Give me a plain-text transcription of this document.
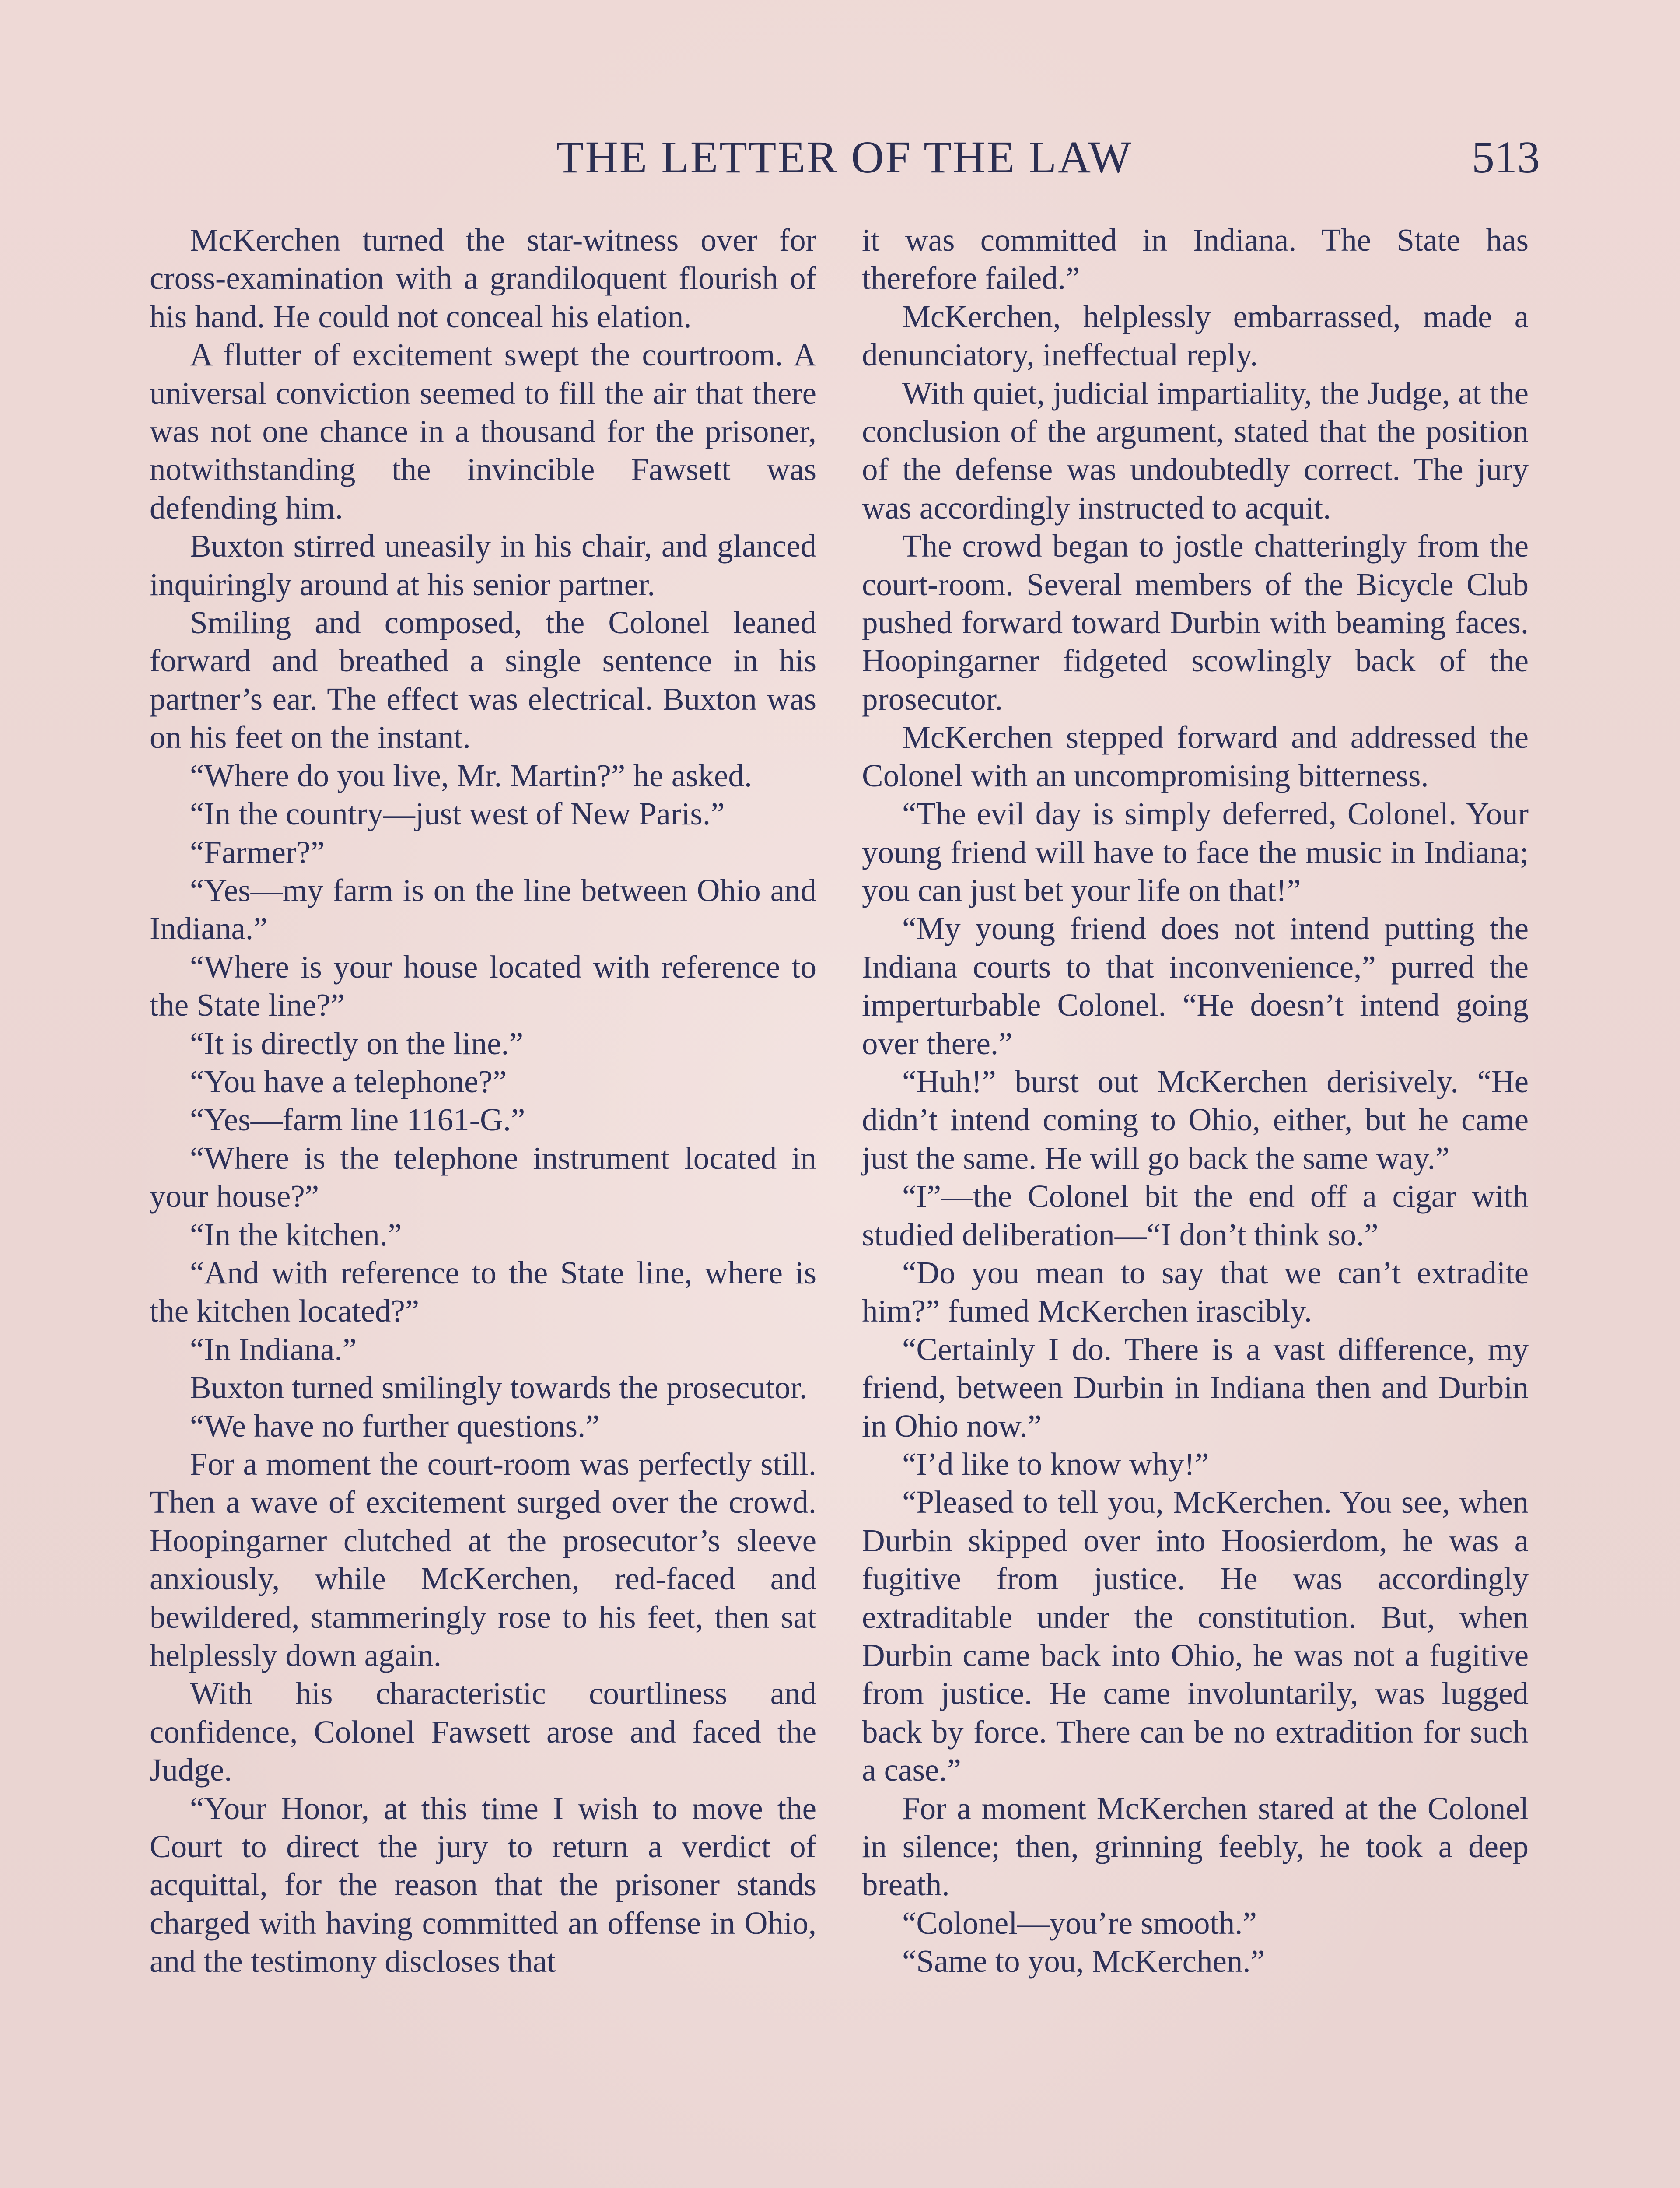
THE LETTER OF THE LAW	513

McKerchen turned the star-witness over for cross-examination with a grandiloquent flourish of his hand. He could not conceal his elation.

A flutter of excitement swept the courtroom. A universal conviction seemed to fill the air that there was not one chance in a thousand for the prisoner, notwithstanding the invincible Fawsett was defending him.

Buxton stirred uneasily in his chair, and glanced inquiringly around at his senior partner.

Smiling and composed, the Colonel leaned forward and breathed a single sentence in his partner’s ear. The effect was electrical. Buxton was on his feet on the instant.

“Where do you live, Mr. Martin?” he asked.

“In the country—just west of New Paris.”

“Farmer?”

“Yes—my farm is on the line between Ohio and Indiana.”

“Where is your house located with reference to the State line?”

“It is directly on the line.”

“You have a telephone?”

“Yes—farm line 1161-G.”

“Where is the telephone instrument located in your house?”

“In the kitchen.”

“And with reference to the State line, where is the kitchen located?”

“In Indiana.”

Buxton turned smilingly towards the prosecutor.

“We have no further questions.”

For a moment the court-room was perfectly still. Then a wave of excitement surged over the crowd. Hoopingarner clutched at the prosecutor’s sleeve anxiously, while McKerchen, red-faced and bewildered, stammeringly rose to his feet, then sat helplessly down again.

With his characteristic courtliness and confidence, Colonel Fawsett arose and faced the Judge.

“Your Honor, at this time I wish to move the Court to direct the jury to return a verdict of acquittal, for the reason that the prisoner stands charged with having committed an offense in Ohio, and the testimony discloses that

it was committed in Indiana. The State has therefore failed.”

McKerchen, helplessly embarrassed, made a denunciatory, ineffectual reply.

With quiet, judicial impartiality, the Judge, at the conclusion of the argument, stated that the position of the defense was undoubtedly correct. The jury was accordingly instructed to acquit.

The crowd began to jostle chatteringly from the court-room. Several members of the Bicycle Club pushed forward toward Durbin with beaming faces. Hoopingarner fidgeted scowlingly back of the prosecutor.

McKerchen stepped forward and addressed the Colonel with an uncompromising bitterness.

“The evil day is simply deferred, Colonel. Your young friend will have to face the music in Indiana; you can just bet your life on that!”

“My young friend does not intend putting the Indiana courts to that inconvenience,” purred the imperturbable Colonel. “He doesn’t intend going over there.”

“Huh!” burst out McKerchen derisively. “He didn’t intend coming to Ohio, either, but he came just the same. He will go back the same way.”

“I”—the Colonel bit the end off a cigar with studied deliberation—“I don’t think so.”

“Do you mean to say that we can’t extradite him?” fumed McKerchen irascibly.

“Certainly I do. There is a vast difference, my friend, between Durbin in Indiana then and Durbin in Ohio now.”

“I’d like to know why!”

“Pleased to tell you, McKerchen. You see, when Durbin skipped over into Hoosierdom, he was a fugitive from justice. He was accordingly extraditable under the constitution. But, when Durbin came back into Ohio, he was not a fugitive from justice. He came involuntarily, was lugged back by force. There can be no extradition for such a case.”

For a moment McKerchen stared at the Colonel in silence; then, grinning feebly, he took a deep breath.

“Colonel—you’re smooth.”

“Same to you, McKerchen.”
